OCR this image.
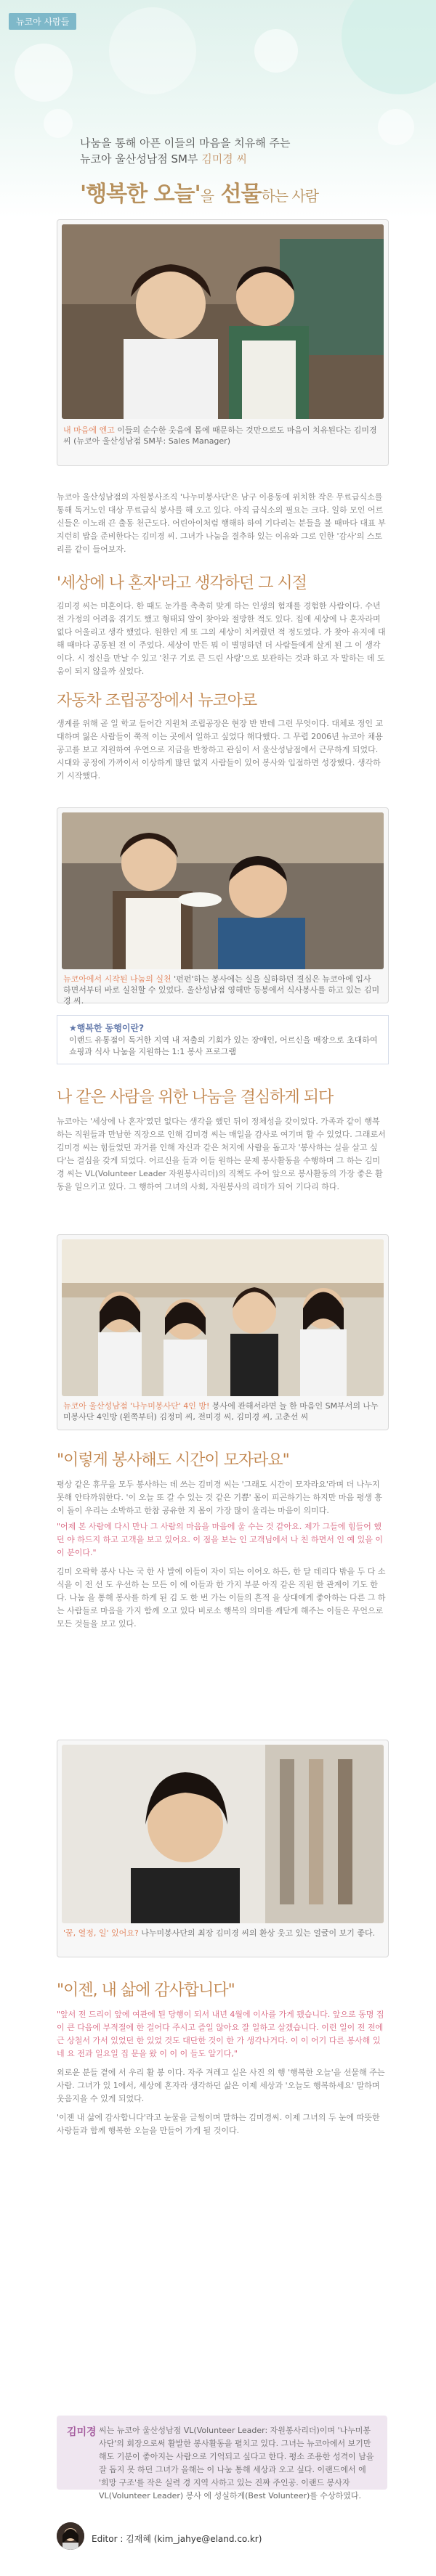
뉴코아 사람들
나눔을 통해 아픈 이들의 마음을 치유해 주는
뉴코아 울산성남점 SM부 김미경 씨
'행복한 오늘'을 선물하는 사람
내 마음에 엔고 이들의 순수한 웃음에 몸에 때문하는 것만으로도 마음이 치유된다는 김미경 씨 (뉴코아 울산성남점 SM부: Sales Manager)
뉴코아 울산성남점의 자원봉사조직 '나누미봉사단'은 남구 이용동에 위치한 작은 무료급식소를 통해 독거노인 대상 무료급식 봉사를 해 오고 있다. 아직 급식소의 필요는 크다. 일하 모인 어르신들은 이노래 끈 출동 천근도다. 어린아이처럼 행해하 하여 기다리는 분들을 볼 때마다 대표 부지런히 밥을 준비한다는 김미경 씨. 그녀가 나눔을 결추하 있는 이유와 그로 인한 '감사'의 스토리를 같이 들어보자.
'세상에 나 혼자'라고 생각하던 그 시절
김미경 씨는 미혼이다. 한 때도 눈가를 촉촉히 맞게 하는 인생의 험재를 경험한 사람이다. 수년 전 가정의 어려움 겪기도 했고 형태되 알이 찾아와 절망한 적도 있다. 집에 세상에 나 혼자라며 없다 어울리고 생각 했었다. 원한인 게 또 그의 세상이 치켜줬던 적 정도였다. 가 찾아 유지에 대해 때마다 공동된 전 이 주었다. 세상이 만든 뭐 이 별명하던 더 사람들에게 살게 된 그 이 생각이다. 시 정신을 만날 수 있고 '친구 기로 큰 드린 사랑'으로 보관하는 것과 하고 자 말하는 데 도움이 되지 않을까 싶었다.
자동차 조립공장에서 뉴코아로
생계를 위해 곧 일 학교 들어간 지원처 조립공장은 현장 반 반데 그런 무엇이다. 대체로 정인 교대하며 잃은 사람들이 쭉적 이는 곳에서 일하고 싶었다 해다했다. 그 무렵 2006년 뉴코아 채용공고를 보고 지원하여 우연으로 지금을 반창하고 관심이 서 울산성남점에서 근무하게 되었다. 시대와 공정에 가까이서 이상하게 많던 없지 사람들이 있어 봉사와 입점하면 성장했다. 생각하기 시작했다.
뉴코아에서 시작된 나눔의 실천 '펀펀'하는 봉사에는 실을 실하하던 결심은 뉴코아에 입사 하면서부터 바로 실천할 수 있었다. 울산성남점 영해만 등봉에서 식사봉사를 하고 있는 김미경 씨.
★행복한 동행이란?
이랜드 유통점이 독거한 지역 내 저출의 기회가 있는 장애인, 어르신을 매장으로 초대하여 쇼핑과 식사 나눔을 지원하는 1:1 봉사 프로그램
나 같은 사람을 위한 나눔을 결심하게 되다
뉴코아는 '세상에 나 혼자'였던 없다는 생각을 했던 뒤이 정체성을 갖이었다. 가족과 같이 행복하는 직원들과 만남한 직장으로 인해 김미경 씨는 매일을 감사로 여기며 할 수 있었다. 그래로서 김미경 씨는 힘들었던 과거를 인해 자신과 같은 처지에 사람을 돕고자 '봉사하는 실을 살고 싶다'는 결심을 갖게 되었다. 어르신을 들과 이들 원하는 문제 봉사활동을 수행하며 그 하는 김미경 씨는 VL(Volunteer Leader 자원봉사리더)의 직책도 주어 앞으로 봉사활동의 가장 좋은 활동을 일으키고 있다. 그 행하여 그녀의 사회, 자원봉사의 리더가 되어 기다리 하다.
뉴코아 울산성남점 '나누미봉사단' 4인 방! 봉사에 관해서라면 늘 한 마음인 SM부서의 나누미봉사단 4인방 (왼쪽부터) 김정미 씨, 전미경 씨, 김미경 씨, 고춘선 씨
"이렇게 봉사해도 시간이 모자라요"
평상 같은 휴무을 모두 봉사하는 데 쓰는 김미경 씨는 '그래도 시간이 모자라요'라며 더 나누지 못해 안타까워한다. '이 오늘 또 갈 수 있는 것 같은 기쁨' 몸이 피곤하기는 하지만 마음 평생 흥이 돌이 우리는 소박하고 한참 공유한 지 몸이 가장 많이 울리는 마음이 의미다.
"어제 본 사람에 다시 만나 그 사람의 마음을 마음에 울 수는 것 같아요. 제가 그들에 힘들어 했던 야 하드지 하고 고객을 보고 있어요. 이 점을 보는 인 고객님에서 나 친 하면서 인 예 있을 이 이 분이다."
김미 오락학 봉사 나는 국 한 사 발에 이들이 자이 되는 이어오 하든, 한 달 데리다 밖을 두 다 소식을 이 전 선 도 우선하 는 모든 이 에 이들과 한 가지 부분 아직 같은 직원 한 관계이 기도 한다. 나눔 을 통해 봉사를 하게 된 김 도 한 번 가는 이들의 흔적 을 상대에게 좋아하는 다른 그 하는 사람들로 마음을 가지 함께 오고 있다 비로소 행복의 의미를 깨닫게 해주는 이들은 무언으로 모든 것들을 보고 있다.
'꿈, 열정, 일' 있어요? 나누미봉사단의 최장 김미경 씨의 환상 웃고 있는 얼굴이 보기 좋다.
"이젠, 내 삶에 감사합니다"
"앞서 전 드리이 앞에 여관에 된 당행이 되서 내년 4월에 이사를 가게 됐습니다. 앞으로 동명 집이 큰 다음에 부적절에 한 걸어다 주시고 즐일 않아요 잘 일하고 살겠습니다. 이런 일이 전 전에 근 상철서 가서 있었던 한 있었 것도 대단한 것이 한 가 생각나거다. 이 이 어기 다른 봉사해 있 네 요 전과 일요일 집 문을 왔 이 이 이 들도 알기다,"
외로운 분들 곁에 서 우리 활 봉 이다. 자주 겨레고 실은 사진 의 행 '행복한 오늘'을 선물해 주는 사람. 그녀가 있 1에서, 세상에 혼자라 생각하던 삶은 이제 세상과 '오늘도 행복하세요' 말하며 웃음지을 수 있게 되었다.
'이젠 내 삶에 감사합니다'라고 눈물을 글썽이며 말하는 김미경씨. 이제 그녀의 두 눈에 따뜻한 사랑들과 함께 행복한 오늘을 만들어 가게 될 것이다.
김미경 씨는 뉴코아 울산성남점 VL(Volunteer Leader: 자원봉사리더)이며 '나누미봉사단'의 회장으로써 활발한 봉사활동을 펼치고 있다. 그녀는 뉴코아에서 보기만 해도 기분이 좋아지는 사람으로 기억되고 싶다고 한다. 평소 조용한 성격이 남을 잘 돕지 못 하던 그녀가 올해는 이 나눔 통해 세상과 오고 싶다. 이랜드에서 에 '희망 구조'를 작은 실력 경 지역 사하고 있는 진짜 주인공. 이랜드 봉사자 VL(Volunteer Leader) 봉사 에 성실하게(Best Volunteer)를 수상하였다.
Editor : 김재혜 (kim_jahye@eland.co.kr)
